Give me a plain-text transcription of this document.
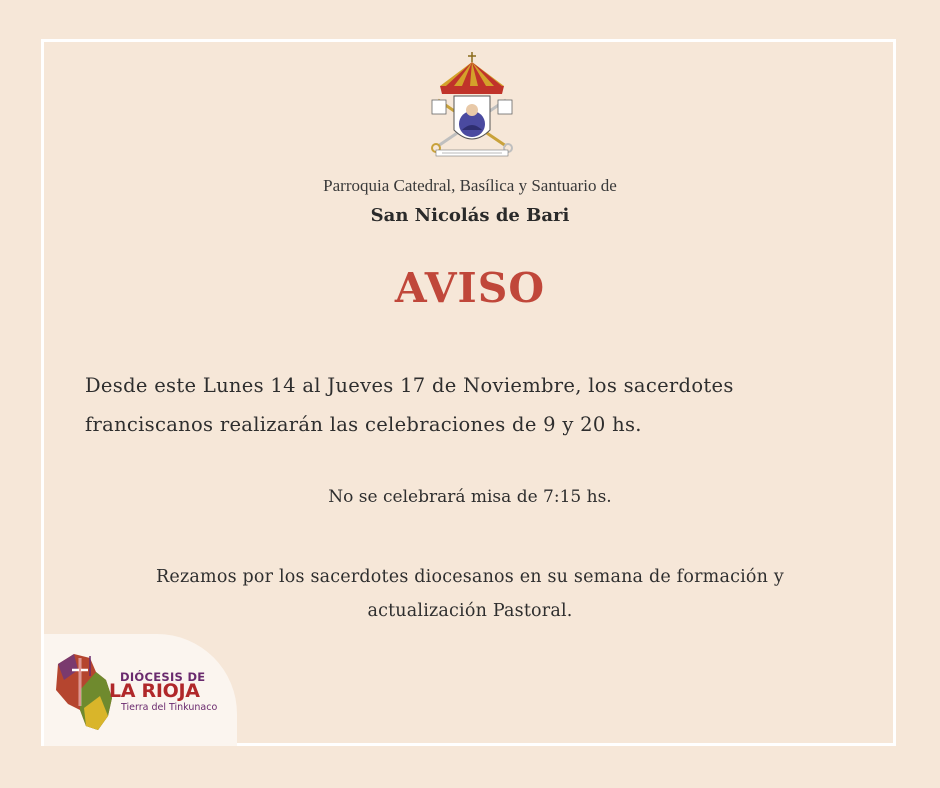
Parroquia Catedral, Basílica y Santuario de
San Nicolás de Bari
AVISO
Desde este Lunes 14 al Jueves 17 de Noviembre, los sacerdotes
franciscanos realizarán las celebraciones de 9 y 20 hs.
No se celebrará misa de 7:15 hs.
Rezamos por los sacerdotes diocesanos en su semana de formación y
actualización Pastoral.
DIÓCESIS DE
LA RIOJA
Tierra del Tinkunaco
